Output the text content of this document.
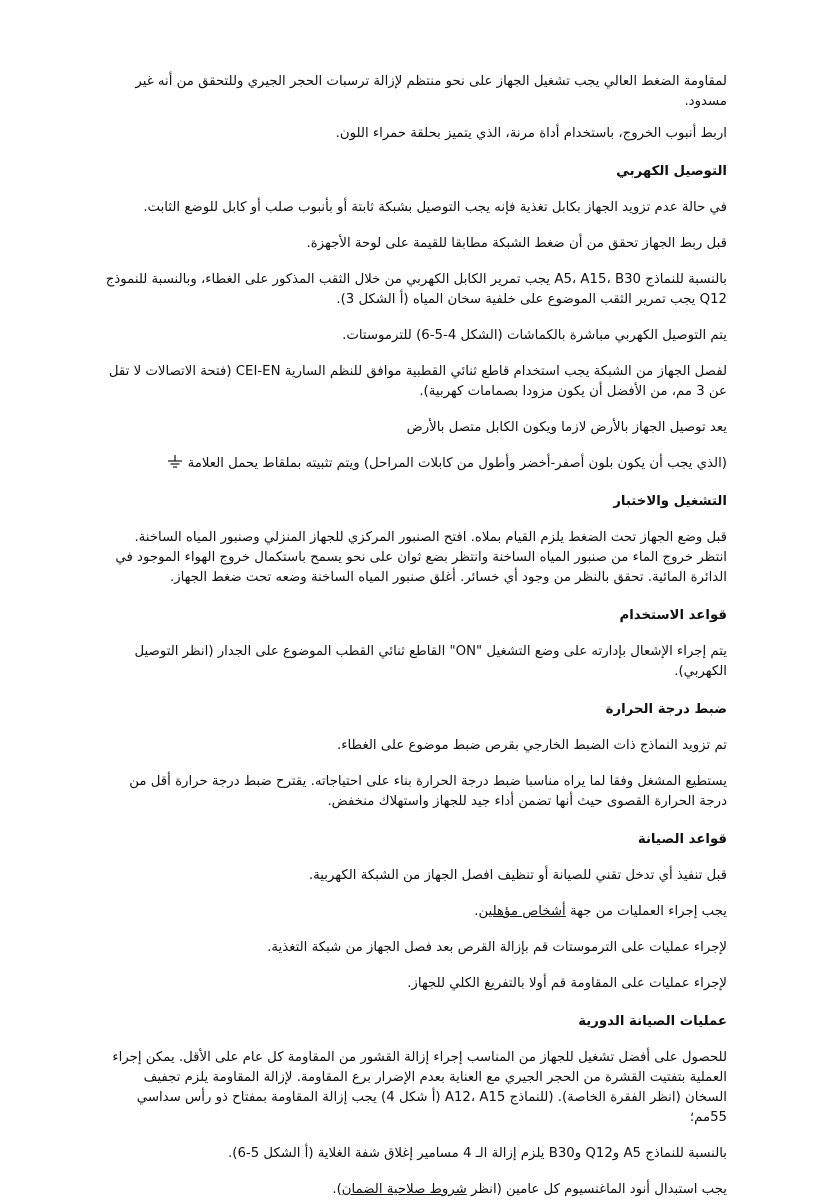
لمقاومة الضغط العالي يجب تشغيل الجهاز على نحو منتظم لإزالة ترسبات الحجر الجيري وللتحقق من أنه غير مسدود.

اربط أنبوب الخروج، باستخدام أداة مرنة، الذي يتميز بحلقة حمراء اللون.

التوصيل الكهربي

في حالة عدم تزويد الجهاز بكابل تغذية فإنه يجب التوصيل بشبكة ثابتة أو بأنبوب صلب أو كابل للوضع الثابت.

قبل ربط الجهاز تحقق من أن ضغط الشبكة مطابقا للقيمة على لوحة الأجهزة.

بالنسبة للنماذج A5، A15، B30 يجب تمرير الكابل الكهربي من خلال الثقب المذكور على الغطاء، وبالنسبة للنموذج Q12 يجب تمرير الثقب الموضوع على خلفية سخان المياه (أ الشكل 3).

يتم التوصيل الكهربي مباشرة بالكماشات (الشكل 4-5-6) للترموستات.

لفصل الجهاز من الشبكة يجب استخدام قاطع ثنائي القطبية موافق للنظم السارية CEI-EN (فتحة الاتصالات لا تقل عن 3 مم، من الأفضل أن يكون مزودا بصمامات كهربية).

يعد توصيل الجهاز بالأرض لازما ويكون الكابل متصل بالأرض

(الذي يجب أن يكون بلون أصفر-أخضر وأطول من كابلات المراحل) ويتم تثبيته بملقاط يحمل العلامة

التشغيل والاختبار

قبل وضع الجهاز تحت الضغط يلزم القيام بملاه. افتح الصنبور المركزي للجهاز المنزلي وصنبور المياه الساخنة. انتظر خروج الماء من صنبور المياه الساخنة وانتظر بضع ثوان على نحو يسمح باستكمال خروج الهواء الموجود في الدائرة المائية. تحقق بالنظر من وجود أي خسائر. أغلق صنبور المياه الساخنة وضعه تحت ضغط الجهاز.

قواعد الاستخدام

يتم إجراء الإشعال بإدارته على وضع التشغيل "ON" القاطع ثنائي القطب الموضوع على الجدار (انظر التوصيل الكهربي).

ضبط درجة الحرارة

تم تزويد النماذج ذات الضبط الخارجي بقرص ضبط موضوع على الغطاء.

يستطيع المشغل وفقا لما يراه مناسبا ضبط درجة الحرارة بناء على احتياجاته. يقترح ضبط درجة حرارة أقل من درجة الحرارة القصوى حيث أنها تضمن أداء جيد للجهاز واستهلاك منخفض.

قواعد الصيانة

قبل تنفيذ أي تدخل تقني للصيانة أو تنظيف افصل الجهاز من الشبكة الكهربية.

يجب إجراء العمليات من جهة أشخاص مؤهلين.

لإجراء عمليات على الترموستات قم بإزالة القرص بعد فصل الجهاز من شبكة التغذية.

لإجراء عمليات على المقاومة قم أولا بالتفريغ الكلي للجهاز.

عمليات الصيانة الدورية

للحصول على أفضل تشغيل للجهاز من المناسب إجراء إزالة القشور من المقاومة كل عام على الأقل. يمكن إجراء العملية بتفتيت القشرة من الحجر الجيري مع العناية بعدم الإضرار برع المقاومة. لإزالة المقاومة يلزم تجفيف السخان (انظر الفقرة الخاصة). (للنماذج A12، A15 (أ شكل 4) يجب إزالة المقاومة بمفتاح ذو رأس سداسي 55مم؛

بالنسبة للنماذج A5 وQ12 وB30 يلزم إزالة الـ 4 مسامير إغلاق شفة الغلاية (أ الشكل 5-6).

يجب استبدال أنود الماغنسيوم كل عامين (انظر شروط صلاحية الضمان).
